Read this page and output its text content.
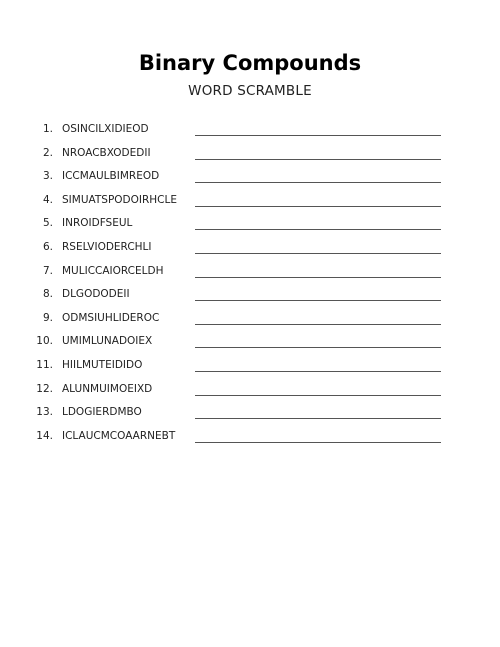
Binary Compounds
WORD SCRAMBLE
1. OSINCILXIDIEOD
2. NROACBXODEDII
3. ICCMAULBIMREOD
4. SIMUATSPODOIRHCLE
5. INROIDFSEUL
6. RSELVIODERCHLI
7. MULICCAIORCELDH
8. DLGODODEII
9. ODMSIUHLIDEROC
10. UMIMLUNADOIEX
11. HIILMUTEIDIDO
12. ALUNMUIMOEIXD
13. LDOGIERDMBO
14. ICLAUCMCOAARNEBT
